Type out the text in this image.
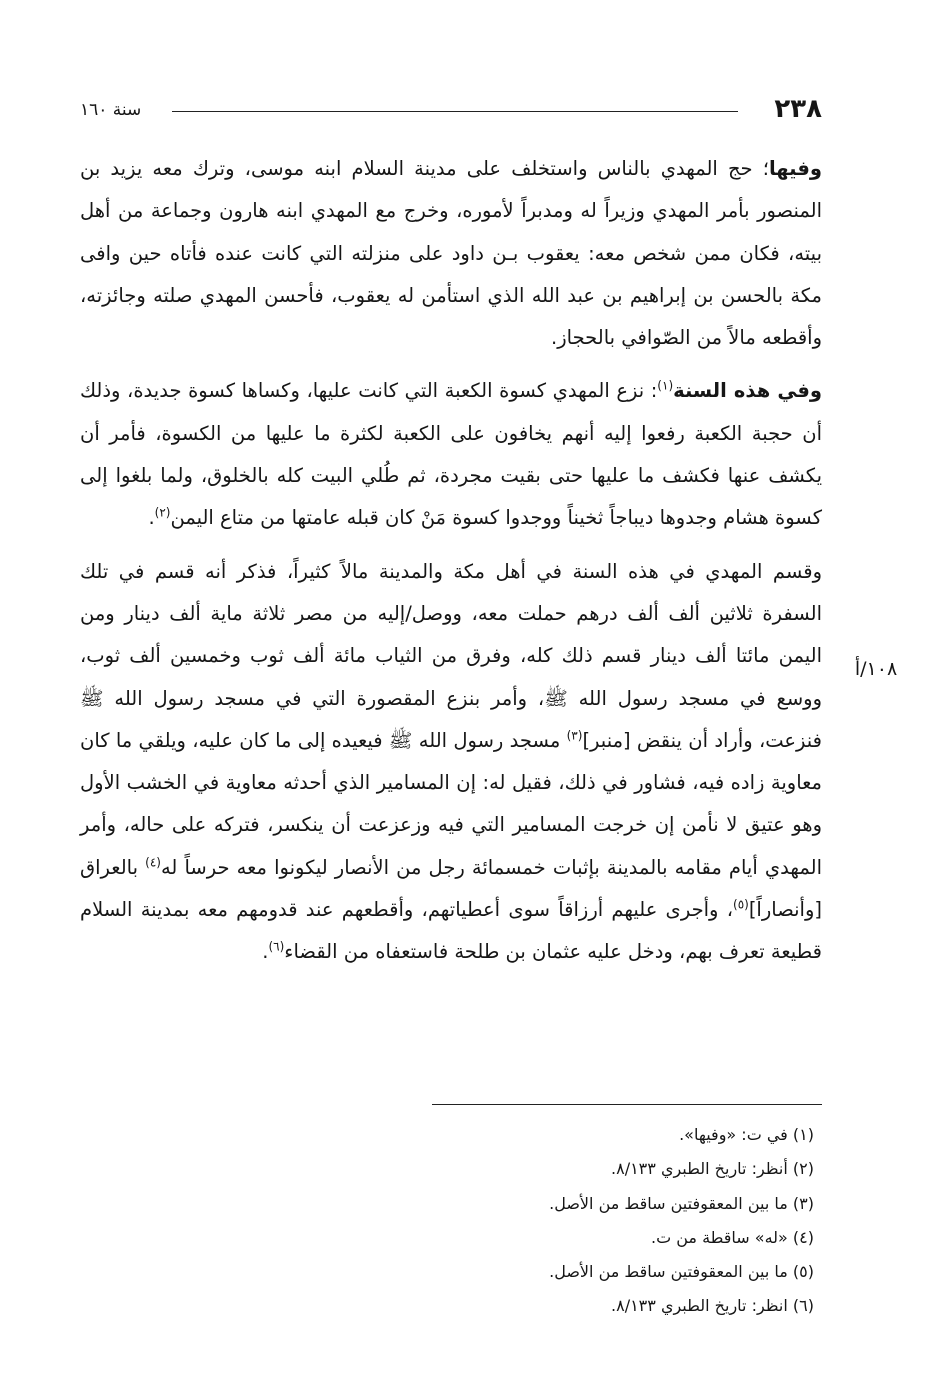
٢٣٨
سنة ١٦٠

وفيها؛ حج المهدي بالناس واستخلف على مدينة السلام ابنه موسى، وترك معه يزيد بن المنصور بأمر المهدي وزيراً له ومدبراً لأموره، وخرج مع المهدي ابنه هارون وجماعة من أهل بيته، فكان ممن شخص معه: يعقوب بـن داود على منزلته التي كانت عنده فأتاه حين وافى مكة بالحسن بن إبراهيم بن عبد الله الذي استأمن له يعقوب، فأحسن المهدي صلته وجائزته، وأقطعه مالاً من الصّوافي بالحجاز.

وفي هذه السنة$^{(١)}$: نزع المهدي كسوة الكعبة التي كانت عليها، وكساها كسوة جديدة، وذلك أن حجبة الكعبة رفعوا إليه أنهم يخافون على الكعبة لكثرة ما عليها من الكسوة، فأمر أن يكشف عنها فكشف ما عليها حتى بقيت مجردة، ثم طُلي البيت كله بالخلوق، ولما بلغوا إلى كسوة هشام وجدوها ديباجاً ثخيناً ووجدوا كسوة مَنْ كان قبله عامتها من متاع اليمن$^{(٢)}$.

وقسم المهدي في هذه السنة في أهل مكة والمدينة مالاً كثيراً، فذكر أنه قسم في تلك السفرة ثلاثين ألف ألف درهم حملت معه، ووصل/إليه من مصر ثلاثة ماية ألف دينار ومن اليمن مائتا ألف دينار قسم ذلك كله، وفرق من الثياب مائة ألف ثوب وخمسين ألف ثوب، ووسع في مسجد رسول الله ﷺ، وأمر بنزع المقصورة التي في مسجد رسول الله ﷺ فنزعت، وأراد أن ينقض [منبر]$^{(٣)}$ مسجد رسول الله ﷺ فيعيده إلى ما كان عليه، ويلقي ما كان معاوية زاده فيه، فشاور في ذلك، فقيل له: إن المسامير الذي أحدثه معاوية في الخشب الأول وهو عتيق لا نأمن إن خرجت المسامير التي فيه وزعزعت أن ينكسر، فتركه على حاله، وأمر المهدي أيام مقامه بالمدينة بإثبات خمسمائة رجل من الأنصار ليكونوا معه حرساً له$^{(٤)}$ بالعراق [وأنصاراً]$^{(٥)}$، وأجرى عليهم أرزاقاً سوى أعطياتهم، وأقطعهم عند قدومهم معه بمدينة السلام قطيعة تعرف بهم، ودخل عليه عثمان بن طلحة فاستعفاه من القضاء$^{(٦)}$.

١٠٨/أ
(١) في ت: «وفيها».
(٢) أنظر: تاريخ الطبري ٨/١٣٣.
(٣) ما بين المعقوفتين ساقط من الأصل.
(٤) «له» ساقطة من ت.
(٥) ما بين المعقوفتين ساقط من الأصل.
(٦) انظر: تاريخ الطبري ٨/١٣٣.
